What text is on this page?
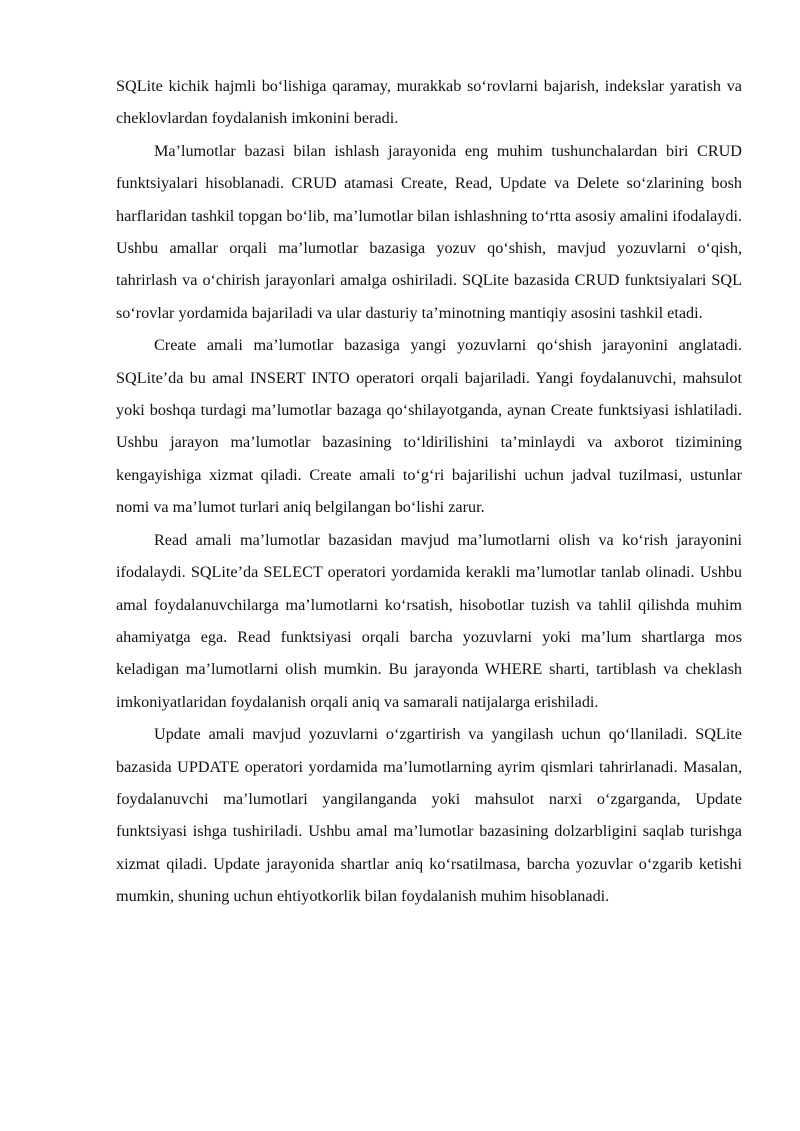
SQLite kichik hajmli bo‘lishiga qaramay, murakkab so‘rovlarni bajarish, indekslar yaratish va cheklovlardan foydalanish imkonini beradi.

Ma’lumotlar bazasi bilan ishlash jarayonida eng muhim tushunchalardan biri CRUD funktsiyalari hisoblanadi. CRUD atamasi Create, Read, Update va Delete so‘zlarining bosh harflaridan tashkil topgan bo‘lib, ma’lumotlar bilan ishlashning to‘rtta asosiy amalini ifodalaydi. Ushbu amallar orqali ma’lumotlar bazasiga yozuv qo‘shish, mavjud yozuvlarni o‘qish, tahrirlash va o‘chirish jarayonlari amalga oshiriladi. SQLite bazasida CRUD funktsiyalari SQL so‘rovlar yordamida bajariladi va ular dasturiy ta’minotning mantiqiy asosini tashkil etadi.

Create amali ma’lumotlar bazasiga yangi yozuvlarni qo‘shish jarayonini anglatadi. SQLite’da bu amal INSERT INTO operatori orqali bajariladi. Yangi foydalanuvchi, mahsulot yoki boshqa turdagi ma’lumotlar bazaga qo‘shilayotganda, aynan Create funktsiyasi ishlatiladi. Ushbu jarayon ma’lumotlar bazasining to‘ldirilishini ta’minlaydi va axborot tizimining kengayishiga xizmat qiladi. Create amali to‘g‘ri bajarilishi uchun jadval tuzilmasi, ustunlar nomi va ma’lumot turlari aniq belgilangan bo‘lishi zarur.

Read amali ma’lumotlar bazasidan mavjud ma’lumotlarni olish va ko‘rish jarayonini ifodalaydi. SQLite’da SELECT operatori yordamida kerakli ma’lumotlar tanlab olinadi. Ushbu amal foydalanuvchilarga ma’lumotlarni ko‘rsatish, hisobotlar tuzish va tahlil qilishda muhim ahamiyatga ega. Read funktsiyasi orqali barcha yozuvlarni yoki ma’lum shartlarga mos keladigan ma’lumotlarni olish mumkin. Bu jarayonda WHERE sharti, tartiblash va cheklash imkoniyatlaridan foydalanish orqali aniq va samarali natijalarga erishiladi.

Update amali mavjud yozuvlarni o‘zgartirish va yangilash uchun qo‘llaniladi. SQLite bazasida UPDATE operatori yordamida ma’lumotlarning ayrim qismlari tahrirlanadi. Masalan, foydalanuvchi ma’lumotlari yangilanganda yoki mahsulot narxi o‘zgarganda, Update funktsiyasi ishga tushiriladi. Ushbu amal ma’lumotlar bazasining dolzarbligini saqlab turishga xizmat qiladi. Update jarayonida shartlar aniq ko‘rsatilmasa, barcha yozuvlar o‘zgarib ketishi mumkin, shuning uchun ehtiyotkorlik bilan foydalanish muhim hisoblanadi.
